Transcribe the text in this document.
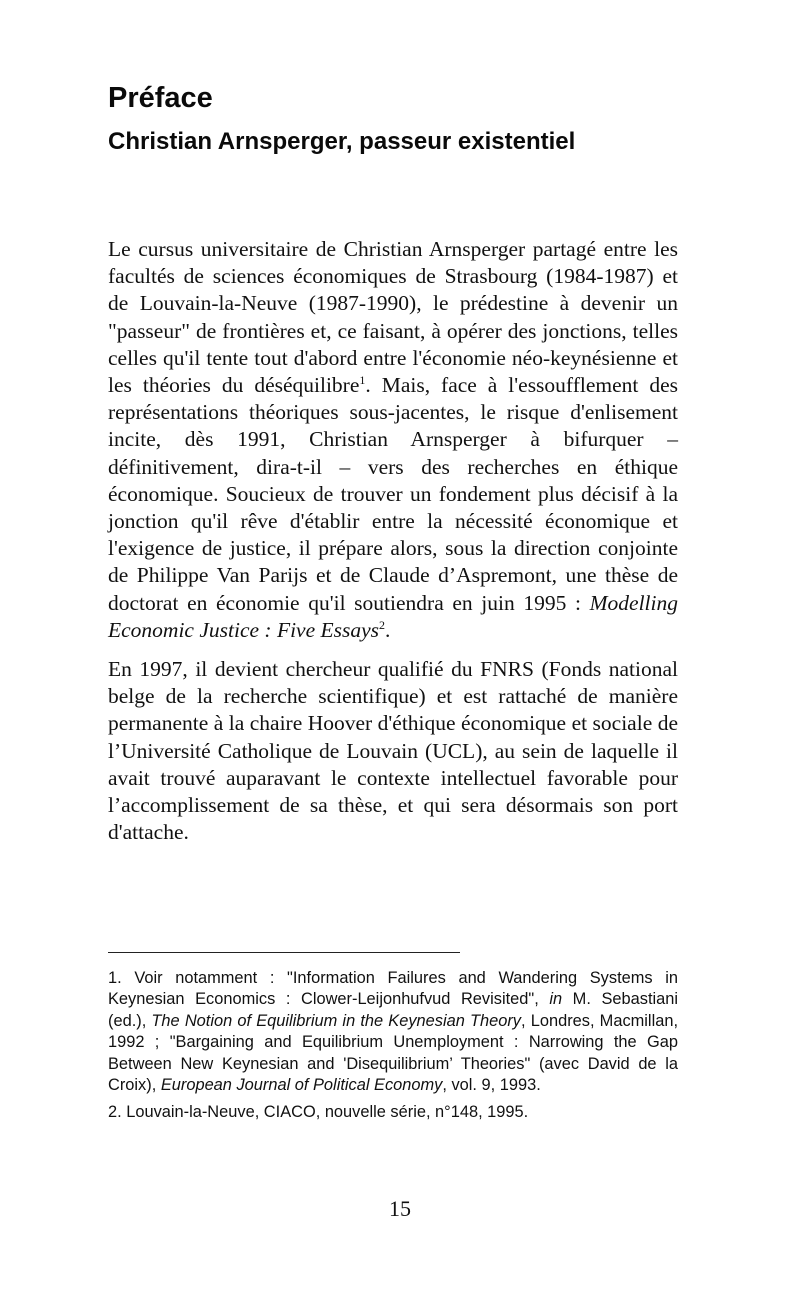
Préface
Christian Arnsperger, passeur existentiel

Le cursus universitaire de Christian Arnsperger partagé entre les facultés de sciences économiques de Strasbourg (1984-1987) et de Louvain-la-Neuve (1987-1990), le prédestine à devenir un "passeur" de frontières et, ce faisant, à opérer des jonctions, telles celles qu'il tente tout d'abord entre l'économie néo-keynésienne et les théories du déséquilibre$^1$. Mais, face à l'essoufflement des représentations théoriques sous-jacentes, le risque d'enlisement incite, dès 1991, Christian Arnsperger à bifurquer – définitivement, dira-t-il – vers des recherches en éthique économique. Soucieux de trouver un fondement plus décisif à la jonction qu'il rêve d'établir entre la nécessité économique et l'exigence de justice, il prépare alors, sous la direction conjointe de Philippe Van Parijs et de Claude d’Aspremont, une thèse de doctorat en économie qu'il soutiendra en juin 1995 : Modelling Economic Justice : Five Essays$^2$.

En 1997, il devient chercheur qualifié du FNRS (Fonds national belge de la recherche scientifique) et est rattaché de manière permanente à la chaire Hoover d'éthique économique et sociale de l’Université Catholique de Louvain (UCL), au sein de laquelle il avait trouvé auparavant le contexte intellectuel favorable pour l’accomplissement de sa thèse, et qui sera désormais son port d'attache.

1. Voir notamment : "Information Failures and Wandering Systems in Keynesian Economics : Clower-Leijonhufvud Revisited", in M. Sebastiani (ed.), The Notion of Equilibrium in the Keynesian Theory, Londres, Macmillan, 1992 ; "Bargaining and Equilibrium Unemployment : Narrowing the Gap Between New Keynesian and 'Disequilibrium’ Theories" (avec David de la Croix), European Journal of Political Economy, vol. 9, 1993.

2. Louvain-la-Neuve, CIACO, nouvelle série, n°148, 1995.

15
